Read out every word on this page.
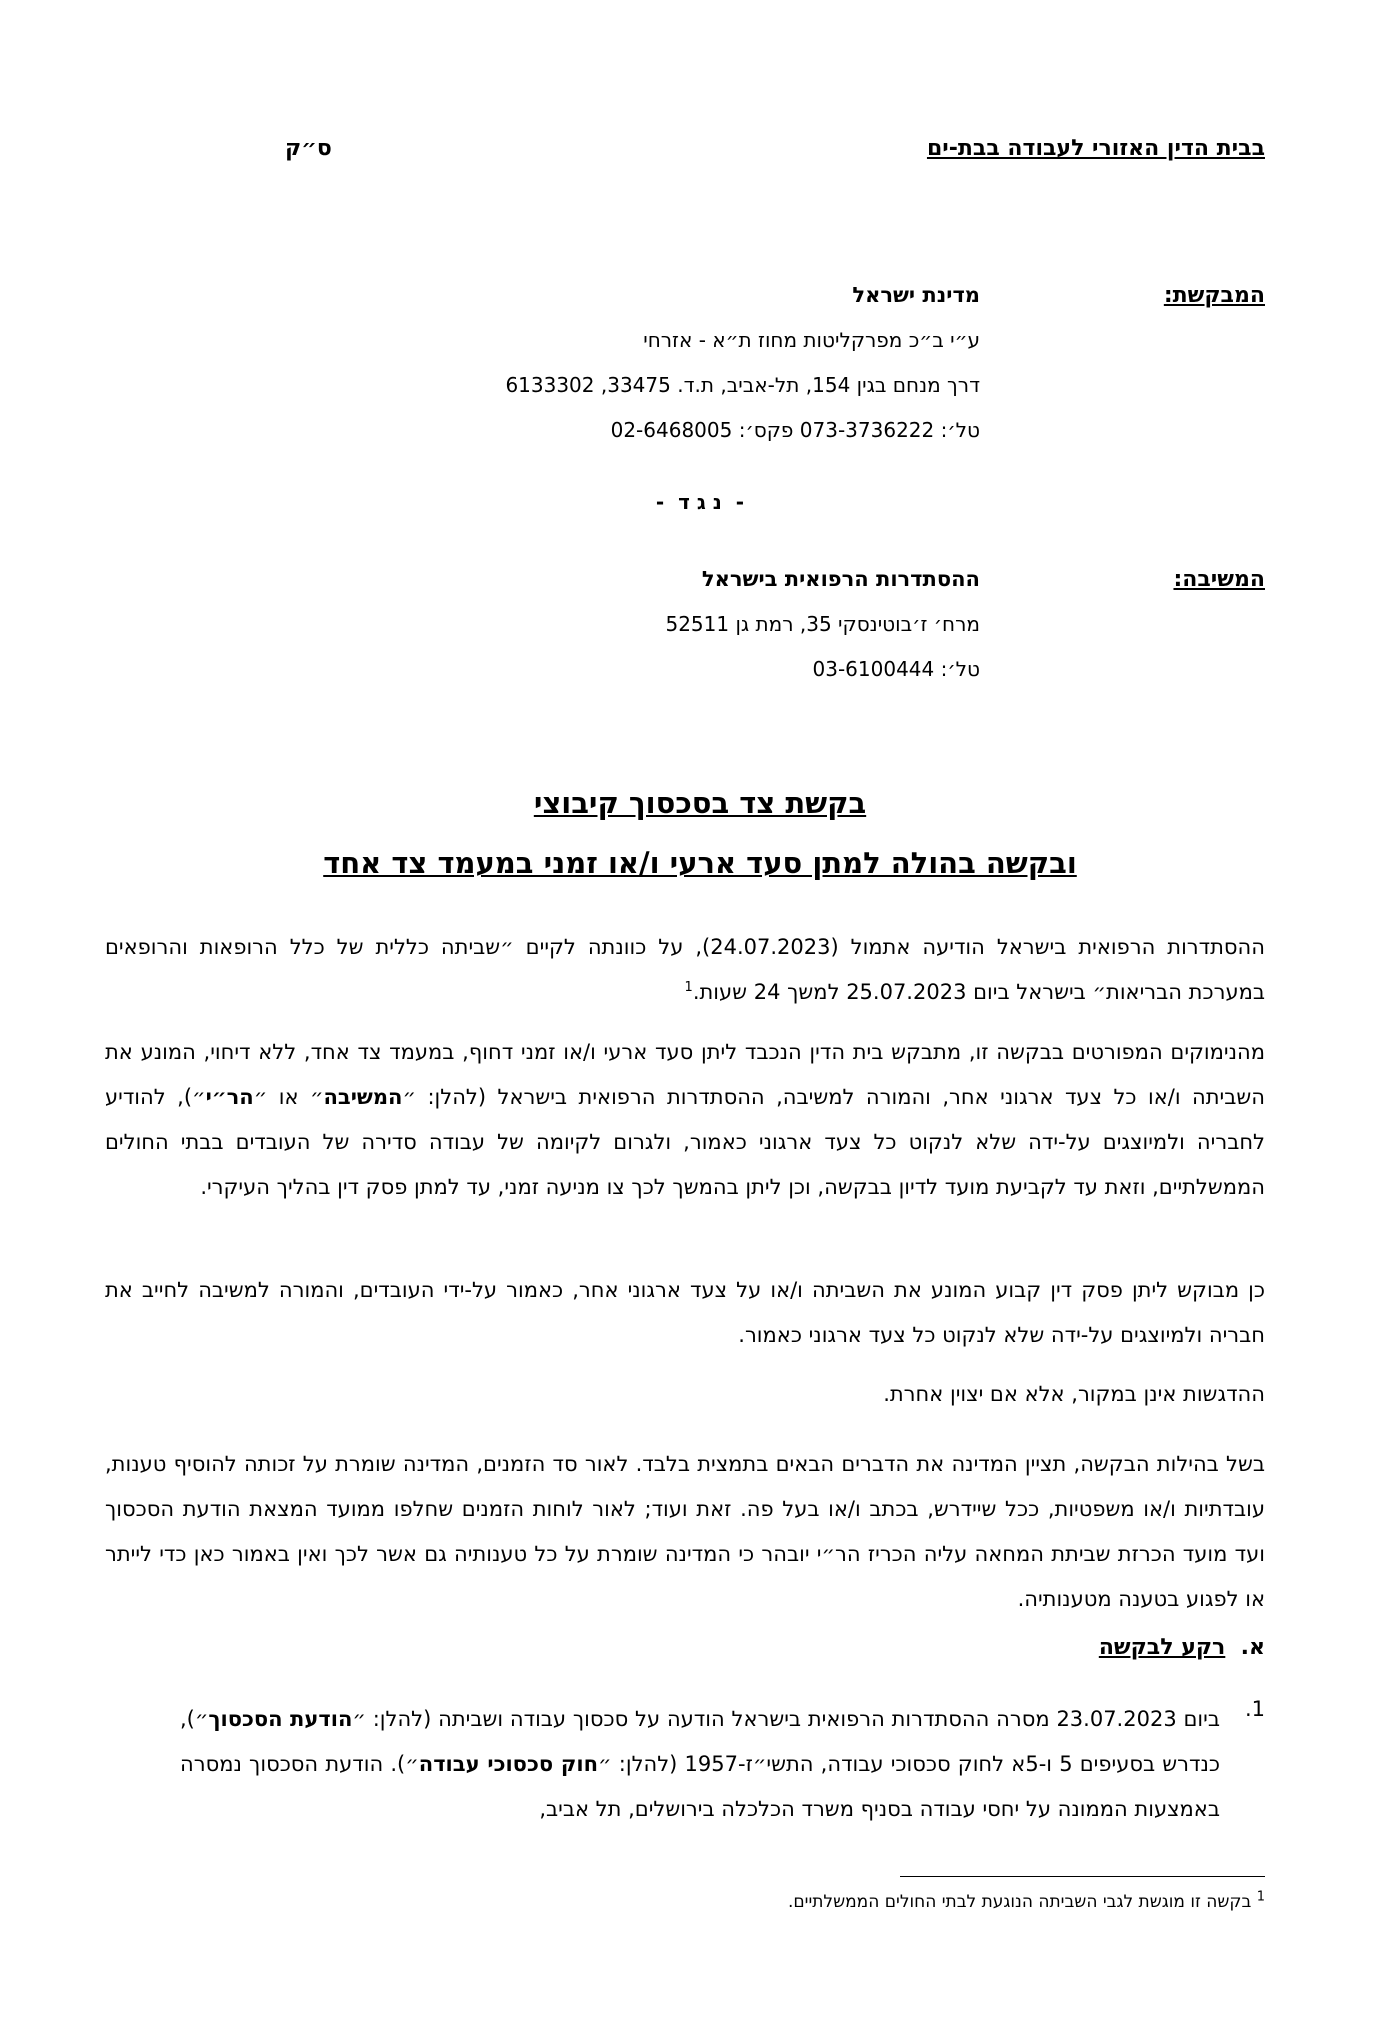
בבית הדין האזורי לעבודה בבת-ים
ס״ק
המבקשת:
מדינת ישראל
ע״י ב״כ מפרקליטות מחוז ת״א - אזרחי
דרך מנחם בגין 154, תל-אביב, ת.ד. 33475, 6133302
טל׳: 073-3736222 פקס׳: 02-6468005
-  נ ג ד  -
המשיבה:
ההסתדרות הרפואית בישראל
מרח׳ ז׳בוטינסקי 35, רמת גן 52511
טל׳: 03-6100444
בקשת צד בסכסוך קיבוצי
ובקשה בהולה למתן סעד ארעי ו/או זמני במעמד צד אחד

ההסתדרות הרפואית בישראל הודיעה אתמול (24.07.2023), על כוונתה לקיים ״שביתה כללית של כלל הרופאות והרופאים במערכת הבריאות״ בישראל ביום 25.07.2023 למשך 24 שעות.$^1$

מהנימוקים המפורטים בבקשה זו, מתבקש בית הדין הנכבד ליתן סעד ארעי ו/או זמני דחוף, במעמד צד אחד, ללא דיחוי, המונע את השביתה ו/או כל צעד ארגוני אחר, והמורה למשיבה, ההסתדרות הרפואית בישראל (להלן: ״המשיבה״ או ״הר״י״), להודיע לחבריה ולמיוצגים על-ידה שלא לנקוט כל צעד ארגוני כאמור, ולגרום לקיומה של עבודה סדירה של העובדים בבתי החולים הממשלתיים, וזאת עד לקביעת מועד לדיון בבקשה, וכן ליתן בהמשך לכך צו מניעה זמני, עד למתן פסק דין בהליך העיקרי.

כן מבוקש ליתן פסק דין קבוע המונע את השביתה ו/או על צעד ארגוני אחר, כאמור על-ידי העובדים, והמורה למשיבה לחייב את חבריה ולמיוצגים על-ידה שלא לנקוט כל צעד ארגוני כאמור.

ההדגשות אינן במקור, אלא אם יצוין אחרת.

בשל בהילות הבקשה, תציין המדינה את הדברים הבאים בתמצית בלבד. לאור סד הזמנים, המדינה שומרת על זכותה להוסיף טענות, עובדתיות ו/או משפטיות, ככל שיידרש, בכתב ו/או בעל פה. זאת ועוד; לאור לוחות הזמנים שחלפו ממועד המצאת הודעת הסכסוך ועד מועד הכרזת שביתת המחאה עליה הכריז הר״י יובהר כי המדינה שומרת על כל טענותיה גם אשר לכך ואין באמור כאן כדי לייתר או לפגוע בטענה מטענותיה.

א.  רקע לבקשה
1.

ביום 23.07.2023 מסרה ההסתדרות הרפואית בישראל הודעה על סכסוך עבודה ושביתה (להלן: ״הודעת הסכסוך״), כנדרש בסעיפים 5 ו-5א לחוק סכסוכי עבודה, התשי״ז-1957 (להלן: ״חוק סכסוכי עבודה״). הודעת הסכסוך נמסרה באמצעות הממונה על יחסי עבודה בסניף משרד הכלכלה בירושלים, תל אביב,

$^1$ בקשה זו מוגשת לגבי השביתה הנוגעת לבתי החולים הממשלתיים.
